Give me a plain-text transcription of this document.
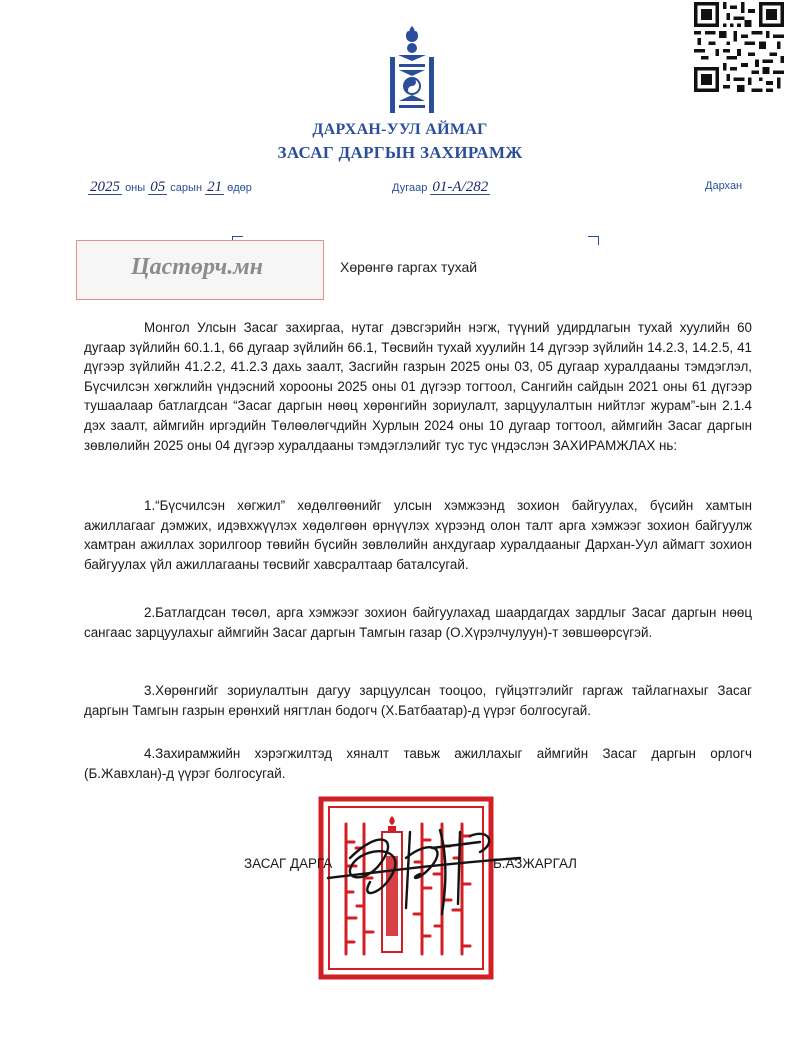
ДАРХАН-УУЛ АЙМАГ
ЗАСАГ ДАРГЫН ЗАХИРАМЖ
2025 оны 05 сарын 21 өдөр	Дугаар 01-А/282	Дархан
Цастөрч.мн	Хөрөнгө гаргах тухай
Монгол Улсын Засаг захиргаа, нутаг дэвсгэрийн нэгж, түүний удирдлагын тухай хуулийн 60 дугаар зүйлийн 60.1.1, 66 дугаар зүйлийн 66.1, Төсвийн тухай хуулийн 14 дүгээр зүйлийн 14.2.3, 14.2.5, 41 дүгээр зүйлийн 41.2.2, 41.2.3 дахь заалт, Засгийн газрын 2025 оны 03, 05 дугаар хуралдааны тэмдэглэл, Бүсчилсэн хөгжлийн үндэсний хорооны 2025 оны 01 дүгээр тогтоол, Сангийн сайдын 2021 оны 61 дүгээр тушаалаар батлагдсан “Засаг даргын нөөц хөрөнгийн зориулалт, зарцуулалтын нийтлэг журам”-ын 2.1.4 дэх заалт, аймгийн иргэдийн Төлөөлөгчдийн Хурлын 2024 оны 10 дугаар тогтоол, аймгийн Засаг даргын зөвлөлийн 2025 оны 04 дүгээр хуралдааны тэмдэглэлийг тус тус үндэслэн ЗАХИРАМЖЛАХ нь:
1.“Бүсчилсэн хөгжил” хөдөлгөөнийг улсын хэмжээнд зохион байгуулах, бүсийн хамтын ажиллагааг дэмжих, идэвхжүүлэх хөдөлгөөн өрнүүлэх хүрээнд олон талт арга хэмжээг зохион байгуулж хамтран ажиллах зорилгоор төвийн бүсийн зөвлөлийн анхдугаар хуралдааныг Дархан-Уул аймагт зохион байгуулах үйл ажиллагааны төсвийг хавсралтаар баталсугай.
2.Батлагдсан төсөл, арга хэмжээг зохион байгуулахад шаардагдах зардлыг Засаг даргын нөөц сангаас зарцуулахыг аймгийн Засаг даргын Тамгын газар (О.Хүрэлчулуун)-т зөвшөөрсүгэй.
3.Хөрөнгийг зориулалтын дагуу зарцуулсан тооцоо, гүйцэтгэлийг гаргаж тайлагнахыг Засаг даргын Тамгын газрын ерөнхий нягтлан бодогч (Х.Батбаатар)-д үүрэг болгосугай.
4.Захирамжийн хэрэгжилтэд хяналт тавьж ажиллахыг аймгийн Засаг даргын орлогч (Б.Жавхлан)-д үүрэг болгосугай.
ЗАСАГ ДАРГА	Б.АЗЖАРГАЛ
